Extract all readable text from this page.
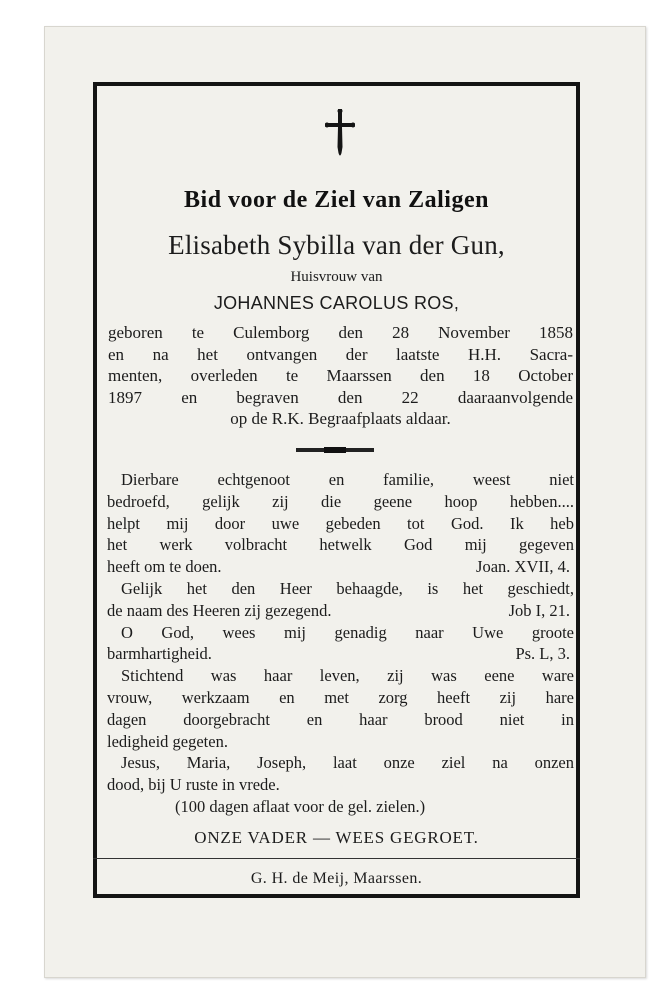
Bid voor de Ziel van Zaligen
Elisabeth Sybilla van der Gun,
Huisvrouw van
JOHANNES CAROLUS ROS,
geboren te Culemborg den 28 November 1858
en na het ontvangen der laatste H.H. Sacra-
menten, overleden te Maarssen den 18 October
1897 en begraven den 22 daaraanvolgende
op de R.K. Begraafplaats aldaar.
Dierbare echtgenoot en familie, weest niet
bedroefd, gelijk zij die geene hoop hebben....
helpt mij door uwe gebeden tot God. Ik heb
het werk volbracht hetwelk God mij gegeven
heeft om te doen.	Joan. XVII, 4.
Gelijk het den Heer behaagde, is het geschiedt,
de naam des Heeren zij gezegend.	Job I, 21.
O God, wees mij genadig naar Uwe groote
barmhartigheid.	Ps. L, 3.
Stichtend was haar leven, zij was eene ware
vrouw, werkzaam en met zorg heeft zij hare
dagen doorgebracht en haar brood niet in
ledigheid gegeten.
Jesus, Maria, Joseph, laat onze ziel na onzen
dood, bij U ruste in vrede.
(100 dagen aflaat voor de gel. zielen.)
ONZE VADER — WEES GEGROET.
G. H. de Meij, Maarssen.
